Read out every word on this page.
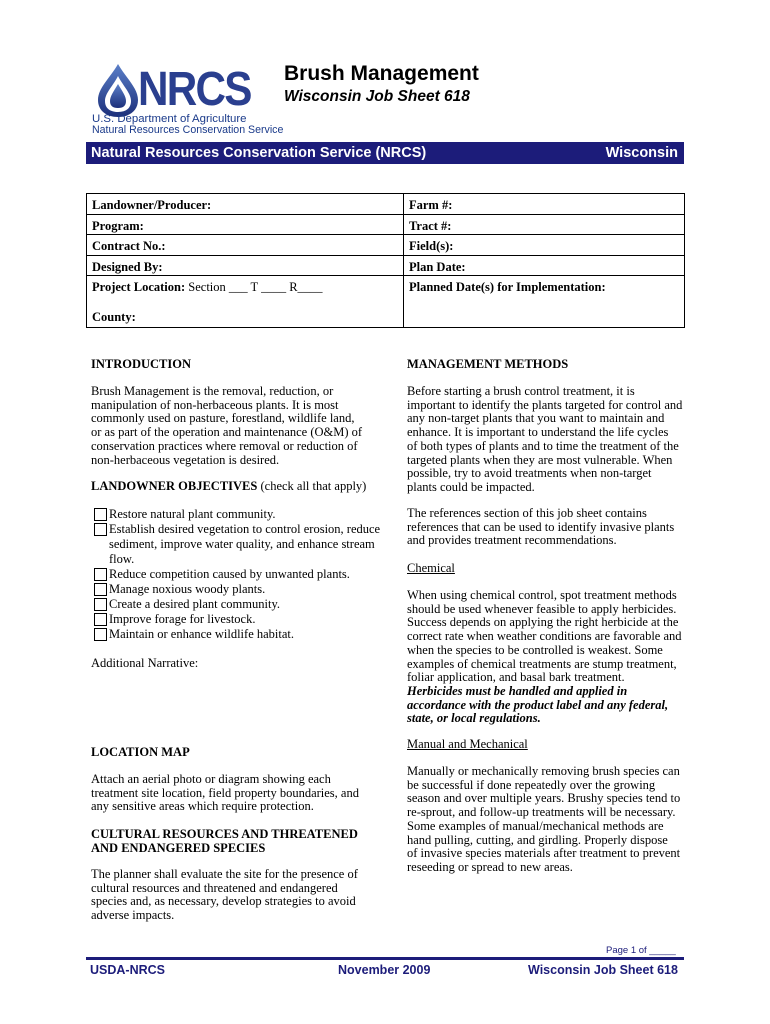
NRCS
U.S. Department of Agriculture
Natural Resources Conservation Service
Brush Management
Wisconsin Job Sheet 618
Natural Resources Conservation Service (NRCS)	Wisconsin
Landowner/Producer:	Farm #:
Program:	Tract #:
Contract No.:	Field(s):
Designed By:	Plan Date:
Project Location: Section ___ T ____ R____	Planned Date(s) for Implementation:
County:
INTRODUCTION
Brush Management is the removal, reduction, or
manipulation of non-herbaceous plants. It is most
commonly used on pasture, forestland, wildlife land,
or as part of the operation and maintenance (O&M) of
conservation practices where removal or reduction of
non-herbaceous vegetation is desired.
LANDOWNER OBJECTIVES (check all that apply)
Restore natural plant community.
Establish desired vegetation to control erosion, reduce sediment, improve water quality, and enhance stream flow.
Reduce competition caused by unwanted plants.
Manage noxious woody plants.
Create a desired plant community.
Improve forage for livestock.
Maintain or enhance wildlife habitat.
Additional Narrative:
LOCATION MAP
Attach an aerial photo or diagram showing each
treatment site location, field property boundaries, and
any sensitive areas which require protection.
CULTURAL RESOURCES AND THREATENED
AND ENDANGERED SPECIES
The planner shall evaluate the site for the presence of
cultural resources and threatened and endangered
species and, as necessary, develop strategies to avoid
adverse impacts.
MANAGEMENT METHODS
Before starting a brush control treatment, it is
important to identify the plants targeted for control and
any non-target plants that you want to maintain and
enhance. It is important to understand the life cycles
of both types of plants and to time the treatment of the
targeted plants when they are most vulnerable. When
possible, try to avoid treatments when non-target
plants could be impacted.
The references section of this job sheet contains
references that can be used to identify invasive plants
and provides treatment recommendations.
Chemical
When using chemical control, spot treatment methods
should be used whenever feasible to apply herbicides.
Success depends on applying the right herbicide at the
correct rate when weather conditions are favorable and
when the species to be controlled is weakest. Some
examples of chemical treatments are stump treatment,
foliar application, and basal bark treatment.
Herbicides must be handled and applied in
accordance with the product label and any federal,
state, or local regulations.
Manual and Mechanical
Manually or mechanically removing brush species can
be successful if done repeatedly over the growing
season and over multiple years. Brushy species tend to
re-sprout, and follow-up treatments will be necessary.
Some examples of manual/mechanical methods are
hand pulling, cutting, and girdling. Properly dispose
of invasive species materials after treatment to prevent
reseeding or spread to new areas.
Page 1 of _____
USDA-NRCS	November 2009	Wisconsin Job Sheet 618
